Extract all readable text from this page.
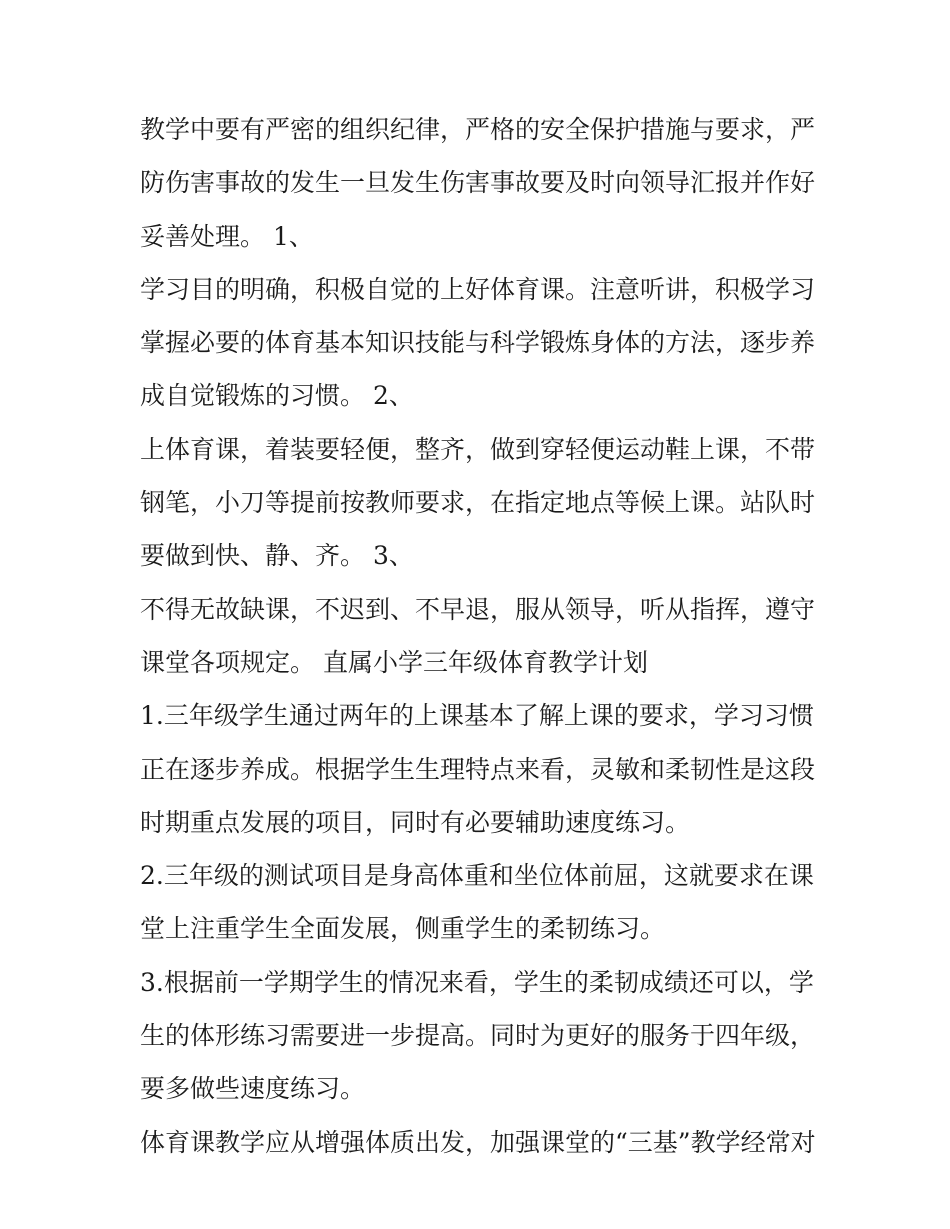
教学中要有严密的组织纪律，严格的安全保护措施与要求，严
防伤害事故的发生一旦发生伤害事故要及时向领导汇报并作好
妥善处理。 1、
学习目的明确，积极自觉的上好体育课。注意听讲，积极学习
掌握必要的体育基本知识技能与科学锻炼身体的方法，逐步养
成自觉锻炼的习惯。 2、
上体育课，着装要轻便，整齐，做到穿轻便运动鞋上课，不带
钢笔，小刀等提前按教师要求，在指定地点等候上课。站队时
要做到快、静、齐。 3、
不得无故缺课，不迟到、不早退，服从领导，听从指挥，遵守
课堂各项规定。 直属小学三年级体育教学计划
1.三年级学生通过两年的上课基本了解上课的要求，学习习惯
正在逐步养成。根据学生生理特点来看，灵敏和柔韧性是这段
时期重点发展的项目，同时有必要辅助速度练习。
2.三年级的测试项目是身高体重和坐位体前屈，这就要求在课
堂上注重学生全面发展，侧重学生的柔韧练习。
3.根据前一学期学生的情况来看，学生的柔韧成绩还可以，学
生的体形练习需要进一步提高。同时为更好的服务于四年级，
要多做些速度练习。
体育课教学应从增强体质出发，加强课堂的“三基”教学经常对
